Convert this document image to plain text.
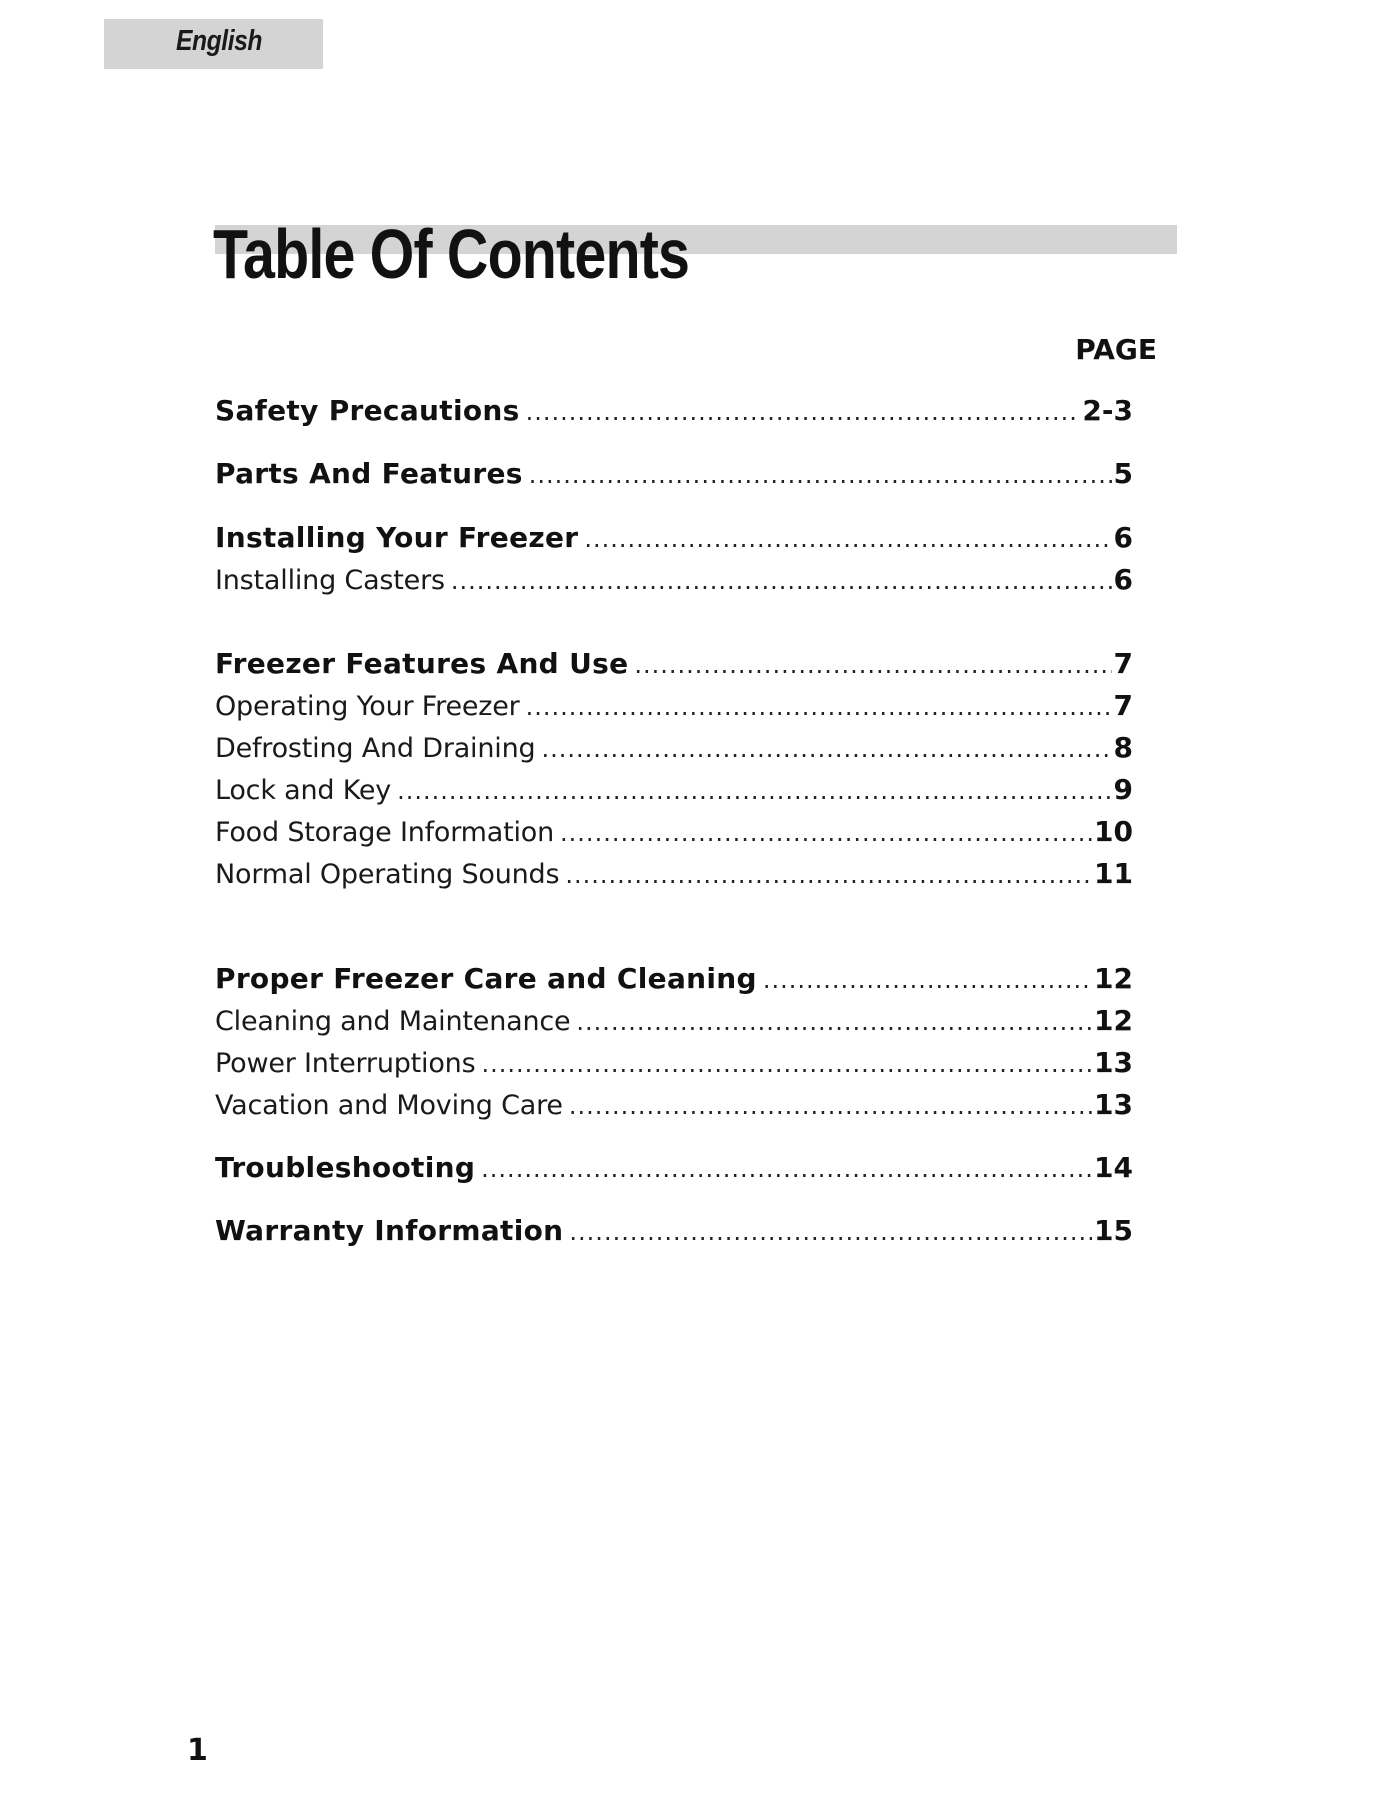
English
Table Of Contents
PAGE
Safety Precautions .....	2-3
Parts And Features .....	5
Installing Your Freezer .....	6
Installing Casters .....	6
Freezer Features And Use .....	7
Operating Your Freezer .....	7
Defrosting And Draining .....	8
Lock and Key .....	9
Food Storage Information .....	10
Normal Operating Sounds .....	11
Proper Freezer Care and Cleaning .....	12
Cleaning and Maintenance .....	12
Power Interruptions .....	13
Vacation and Moving Care .....	13
Troubleshooting .....	14
Warranty Information .....	15
1
